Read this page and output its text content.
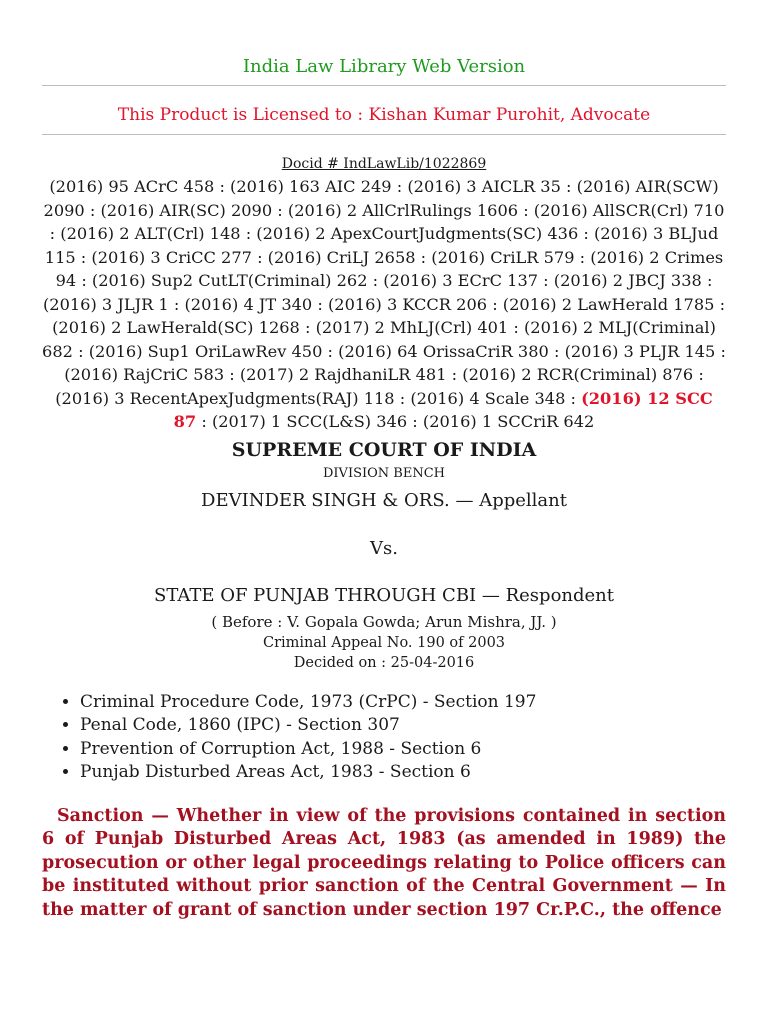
India Law Library Web Version
This Product is Licensed to : Kishan Kumar Purohit, Advocate
Docid # IndLawLib/1022869
(2016) 95 ACrC 458 : (2016) 163 AIC 249 : (2016) 3 AICLR 35 : (2016) AIR(SCW) 2090 : (2016) AIR(SC) 2090 : (2016) 2 AllCrlRulings 1606 : (2016) AllSCR(Crl) 710 : (2016) 2 ALT(Crl) 148 : (2016) 2 ApexCourtJudgments(SC) 436 : (2016) 3 BLJud 115 : (2016) 3 CriCC 277 : (2016) CriLJ 2658 : (2016) CriLR 579 : (2016) 2 Crimes 94 : (2016) Sup2 CutLT(Criminal) 262 : (2016) 3 ECrC 137 : (2016) 2 JBCJ 338 : (2016) 3 JLJR 1 : (2016) 4 JT 340 : (2016) 3 KCCR 206 : (2016) 2 LawHerald 1785 : (2016) 2 LawHerald(SC) 1268 : (2017) 2 MhLJ(Crl) 401 : (2016) 2 MLJ(Criminal) 682 : (2016) Sup1 OriLawRev 450 : (2016) 64 OrissaCriR 380 : (2016) 3 PLJR 145 : (2016) RajCriC 583 : (2017) 2 RajdhaniLR 481 : (2016) 2 RCR(Criminal) 876 : (2016) 3 RecentApexJudgments(RAJ) 118 : (2016) 4 Scale 348 : (2016) 12 SCC 87 : (2017) 1 SCC(L&S) 346 : (2016) 1 SCCriR 642
SUPREME COURT OF INDIA
DIVISION BENCH
DEVINDER SINGH & ORS. — Appellant
Vs.
STATE OF PUNJAB THROUGH CBI — Respondent
( Before : V. Gopala Gowda; Arun Mishra, JJ. )
Criminal Appeal No. 190 of 2003
Decided on : 25-04-2016
• Criminal Procedure Code, 1973 (CrPC) - Section 197
• Penal Code, 1860 (IPC) - Section 307
• Prevention of Corruption Act, 1988 - Section 6
• Punjab Disturbed Areas Act, 1983 - Section 6
Sanction — Whether in view of the provisions contained in section 6 of Punjab Disturbed Areas Act, 1983 (as amended in 1989) the prosecution or other legal proceedings relating to Police officers can be instituted without prior sanction of the Central Government — In the matter of grant of sanction under section 197 Cr.P.C., the offence
